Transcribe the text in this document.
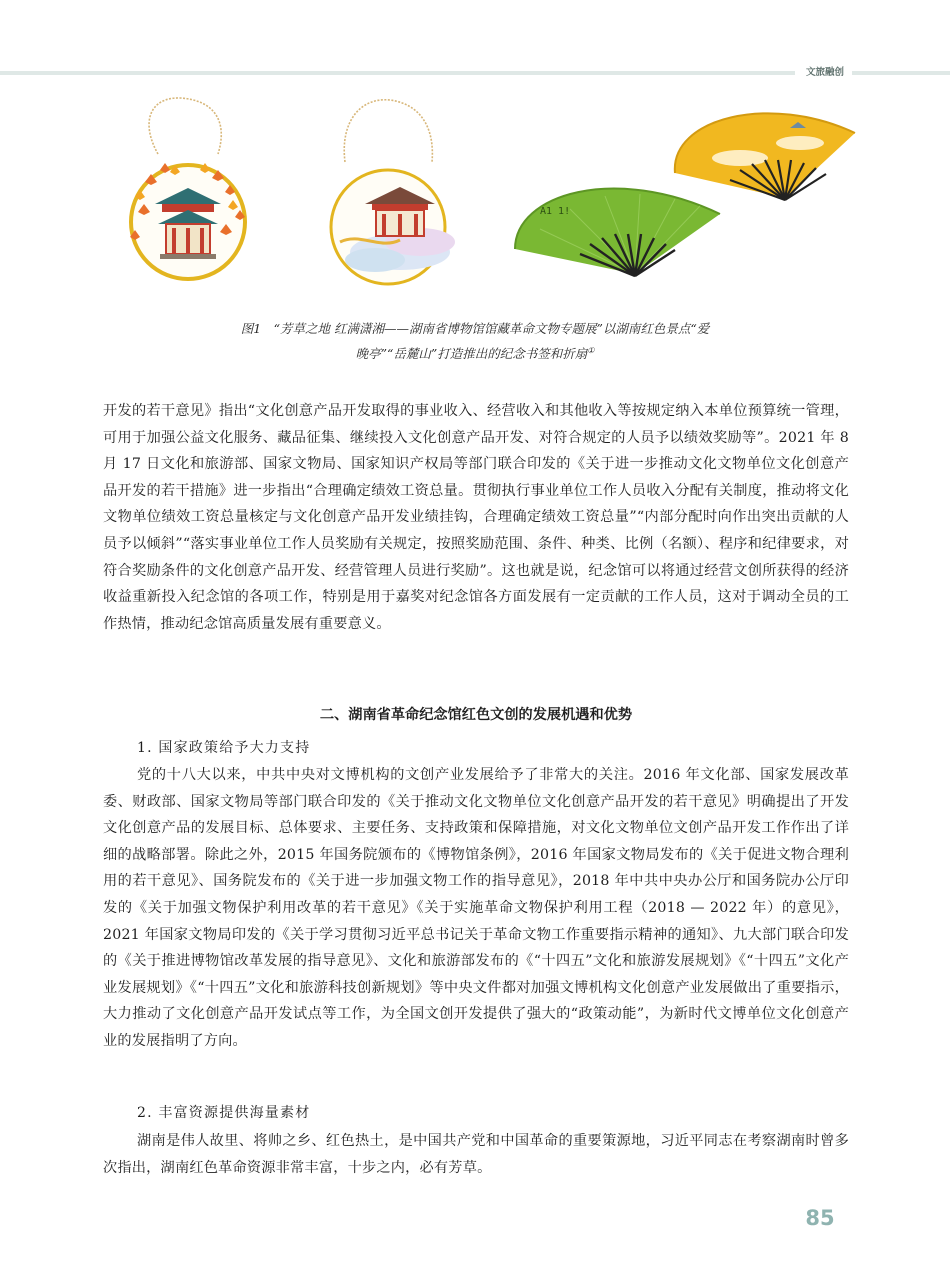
文旅融创
A1 1!
图1　“芳草之地 红满潇湘——湖南省博物馆馆藏革命文物专题展”以湖南红色景点“爱
晚亭”“岳麓山”打造推出的纪念书签和折扇①
开发的若干意见》指出“文化创意产品开发取得的事业收入、经营收入和其他收入等按规定纳入本单位预算统一管理，可用于加强公益文化服务、藏品征集、继续投入文化创意产品开发、对符合规定的人员予以绩效奖励等”。2021 年 8 月 17 日文化和旅游部、国家文物局、国家知识产权局等部门联合印发的《关于进一步推动文化文物单位文化创意产品开发的若干措施》进一步指出“合理确定绩效工资总量。贯彻执行事业单位工作人员收入分配有关制度，推动将文化文物单位绩效工资总量核定与文化创意产品开发业绩挂钩，合理确定绩效工资总量”“内部分配时向作出突出贡献的人员予以倾斜”“落实事业单位工作人员奖励有关规定，按照奖励范围、条件、种类、比例（名额）、程序和纪律要求，对符合奖励条件的文化创意产品开发、经营管理人员进行奖励”。这也就是说，纪念馆可以将通过经营文创所获得的经济收益重新投入纪念馆的各项工作，特别是用于嘉奖对纪念馆各方面发展有一定贡献的工作人员，这对于调动全员的工作热情，推动纪念馆高质量发展有重要意义。
二、湖南省革命纪念馆红色文创的发展机遇和优势
1. 国家政策给予大力支持
党的十八大以来，中共中央对文博机构的文创产业发展给予了非常大的关注。2016 年文化部、国家发展改革委、财政部、国家文物局等部门联合印发的《关于推动文化文物单位文化创意产品开发的若干意见》明确提出了开发文化创意产品的发展目标、总体要求、主要任务、支持政策和保障措施，对文化文物单位文创产品开发工作作出了详细的战略部署。除此之外，2015 年国务院颁布的《博物馆条例》，2016 年国家文物局发布的《关于促进文物合理利用的若干意见》、国务院发布的《关于进一步加强文物工作的指导意见》，2018 年中共中央办公厅和国务院办公厅印发的《关于加强文物保护利用改革的若干意见》《关于实施革命文物保护利用工程（2018 — 2022 年）的意见》，2021 年国家文物局印发的《关于学习贯彻习近平总书记关于革命文物工作重要指示精神的通知》、九大部门联合印发的《关于推进博物馆改革发展的指导意见》、文化和旅游部发布的《“十四五”文化和旅游发展规划》《“十四五”文化产业发展规划》《“十四五”文化和旅游科技创新规划》等中央文件都对加强文博机构文化创意产业发展做出了重要指示，大力推动了文化创意产品开发试点等工作，为全国文创开发提供了强大的“政策动能”，为新时代文博单位文化创意产业的发展指明了方向。
2. 丰富资源提供海量素材
湖南是伟人故里、将帅之乡、红色热土，是中国共产党和中国革命的重要策源地，习近平同志在考察湖南时曾多次指出，湖南红色革命资源非常丰富，十步之内，必有芳草。
85
